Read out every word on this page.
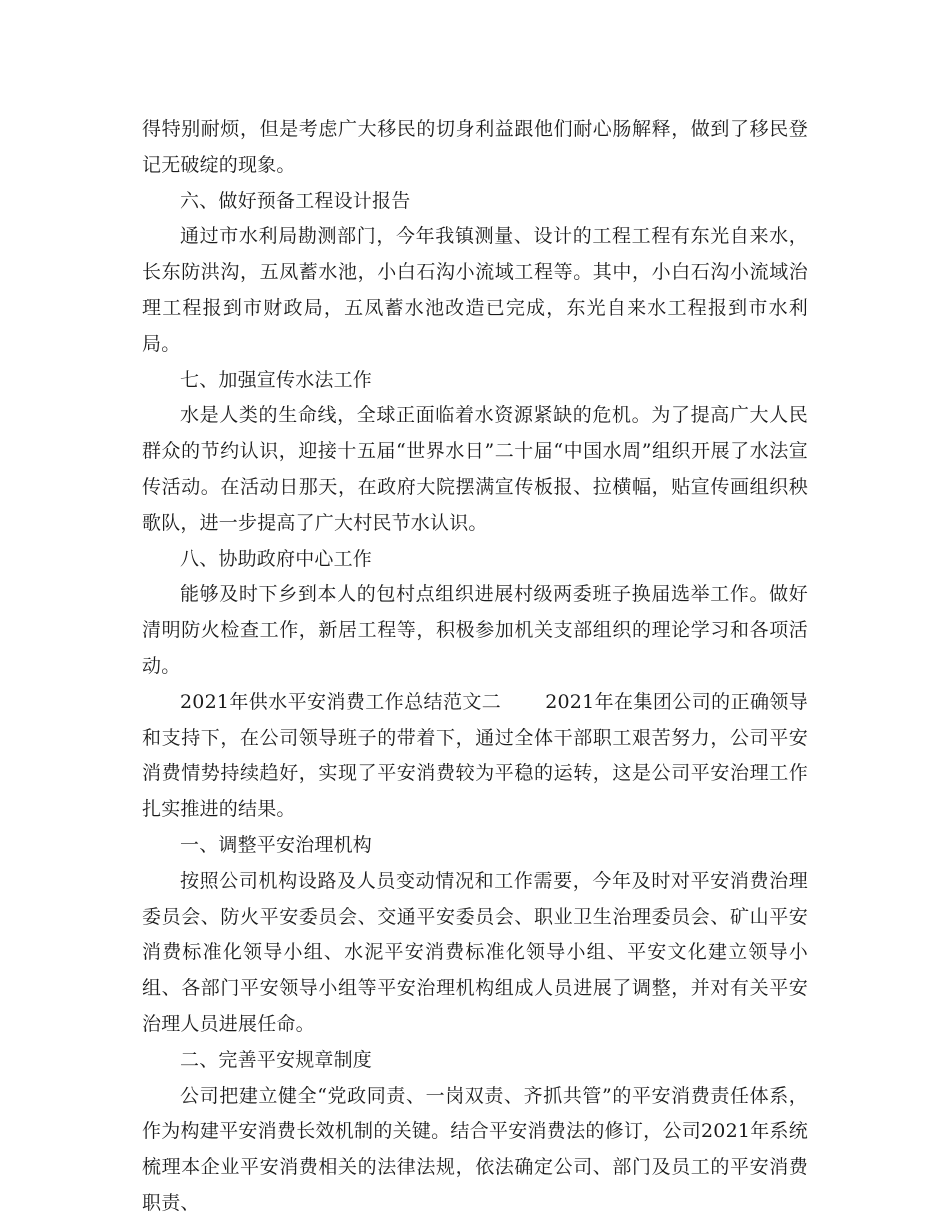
得特别耐烦，但是考虑广大移民的切身利益跟他们耐心肠解释，做到了移民登记无破绽的现象。

六、做好预备工程设计报告

通过市水利局勘测部门，今年我镇测量、设计的工程工程有东光自来水，长东防洪沟，五凤蓄水池，小白石沟小流域工程等。其中，小白石沟小流域治理工程报到市财政局，五凤蓄水池改造已完成，东光自来水工程报到市水利局。

七、加强宣传水法工作

水是人类的生命线，全球正面临着水资源紧缺的危机。为了提高广大人民群众的节约认识，迎接十五届“世界水日”二十届“中国水周”组织开展了水法宣传活动。在活动日那天，在政府大院摆满宣传板报、拉横幅，贴宣传画组织秧歌队，进一步提高了广大村民节水认识。

八、协助政府中心工作

能够及时下乡到本人的包村点组织进展村级两委班子换届选举工作。做好清明防火检查工作，新居工程等，积极参加机关支部组织的理论学习和各项活动。

2021年供水平安消费工作总结范文二 2021年在集团公司的正确领导和支持下，在公司领导班子的带着下，通过全体干部职工艰苦努力，公司平安消费情势持续趋好，实现了平安消费较为平稳的运转，这是公司平安治理工作扎实推进的结果。

一、调整平安治理机构

按照公司机构设路及人员变动情况和工作需要，今年及时对平安消费治理委员会、防火平安委员会、交通平安委员会、职业卫生治理委员会、矿山平安消费标准化领导小组、水泥平安消费标准化领导小组、平安文化建立领导小组、各部门平安领导小组等平安治理机构组成人员进展了调整，并对有关平安治理人员进展任命。

二、完善平安规章制度

公司把建立健全“党政同责、一岗双责、齐抓共管”的平安消费责任体系，作为构建平安消费长效机制的关键。结合平安消费法的修订，公司2021年系统梳理本企业平安消费相关的法律法规，依法确定公司、部门及员工的平安消费职责、
